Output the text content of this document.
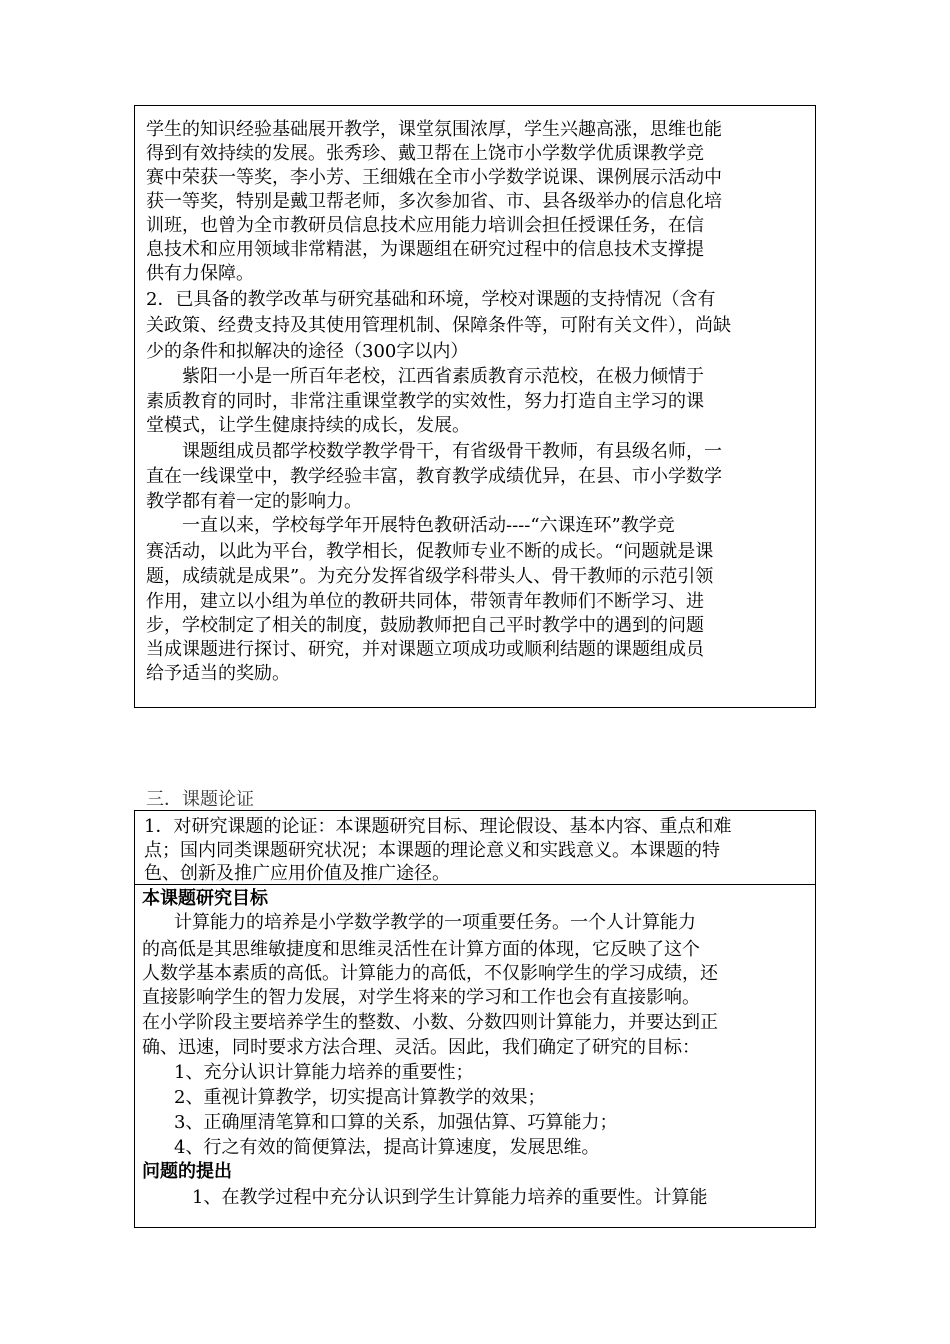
学生的知识经验基础展开教学，课堂氛围浓厚，学生兴趣高涨，思维也能
得到有效持续的发展。张秀珍、戴卫帮在上饶市小学数学优质课教学竞
赛中荣获一等奖，李小芳、王细娥在全市小学数学说课、课例展示活动中
获一等奖，特别是戴卫帮老师，多次参加省、市、县各级举办的信息化培
训班，也曾为全市教研员信息技术应用能力培训会担任授课任务，在信
息技术和应用领域非常精湛，为课题组在研究过程中的信息技术支撑提
供有力保障。
2．已具备的教学改革与研究基础和环境，学校对课题的支持情况（含有
关政策、经费支持及其使用管理机制、保障条件等，可附有关文件），尚缺
少的条件和拟解决的途径（300字以内）
紫阳一小是一所百年老校，江西省素质教育示范校，在极力倾情于
素质教育的同时，非常注重课堂教学的实效性，努力打造自主学习的课
堂模式，让学生健康持续的成长，发展。
课题组成员都学校数学教学骨干，有省级骨干教师，有县级名师，一
直在一线课堂中，教学经验丰富，教育教学成绩优异，在县、市小学数学
教学都有着一定的影响力。
一直以来，学校每学年开展特色教研活动----“六课连环”教学竞
赛活动，以此为平台，教学相长，促教师专业不断的成长。“问题就是课
题，成绩就是成果”。为充分发挥省级学科带头人、骨干教师的示范引领
作用，建立以小组为单位的教研共同体，带领青年教师们不断学习、进
步，学校制定了相关的制度，鼓励教师把自己平时教学中的遇到的问题
当成课题进行探讨、研究，并对课题立项成功或顺利结题的课题组成员
给予适当的奖励。
三．课题论证
1．对研究课题的论证：本课题研究目标、理论假设、基本内容、重点和难
点；国内同类课题研究状况；本课题的理论意义和实践意义。本课题的特
色、创新及推广应用价值及推广途径。
本课题研究目标
计算能力的培养是小学数学教学的一项重要任务。一个人计算能力
的高低是其思维敏捷度和思维灵活性在计算方面的体现，它反映了这个
人数学基本素质的高低。计算能力的高低，不仅影响学生的学习成绩，还
直接影响学生的智力发展，对学生将来的学习和工作也会有直接影响。
在小学阶段主要培养学生的整数、小数、分数四则计算能力，并要达到正
确、迅速，同时要求方法合理、灵活。因此，我们确定了研究的目标：
1、充分认识计算能力培养的重要性；
2、重视计算教学，切实提高计算教学的效果；
3、正确厘清笔算和口算的关系，加强估算、巧算能力；
4、行之有效的简便算法，提高计算速度，发展思维。
问题的提出
1、在教学过程中充分认识到学生计算能力培养的重要性。计算能
